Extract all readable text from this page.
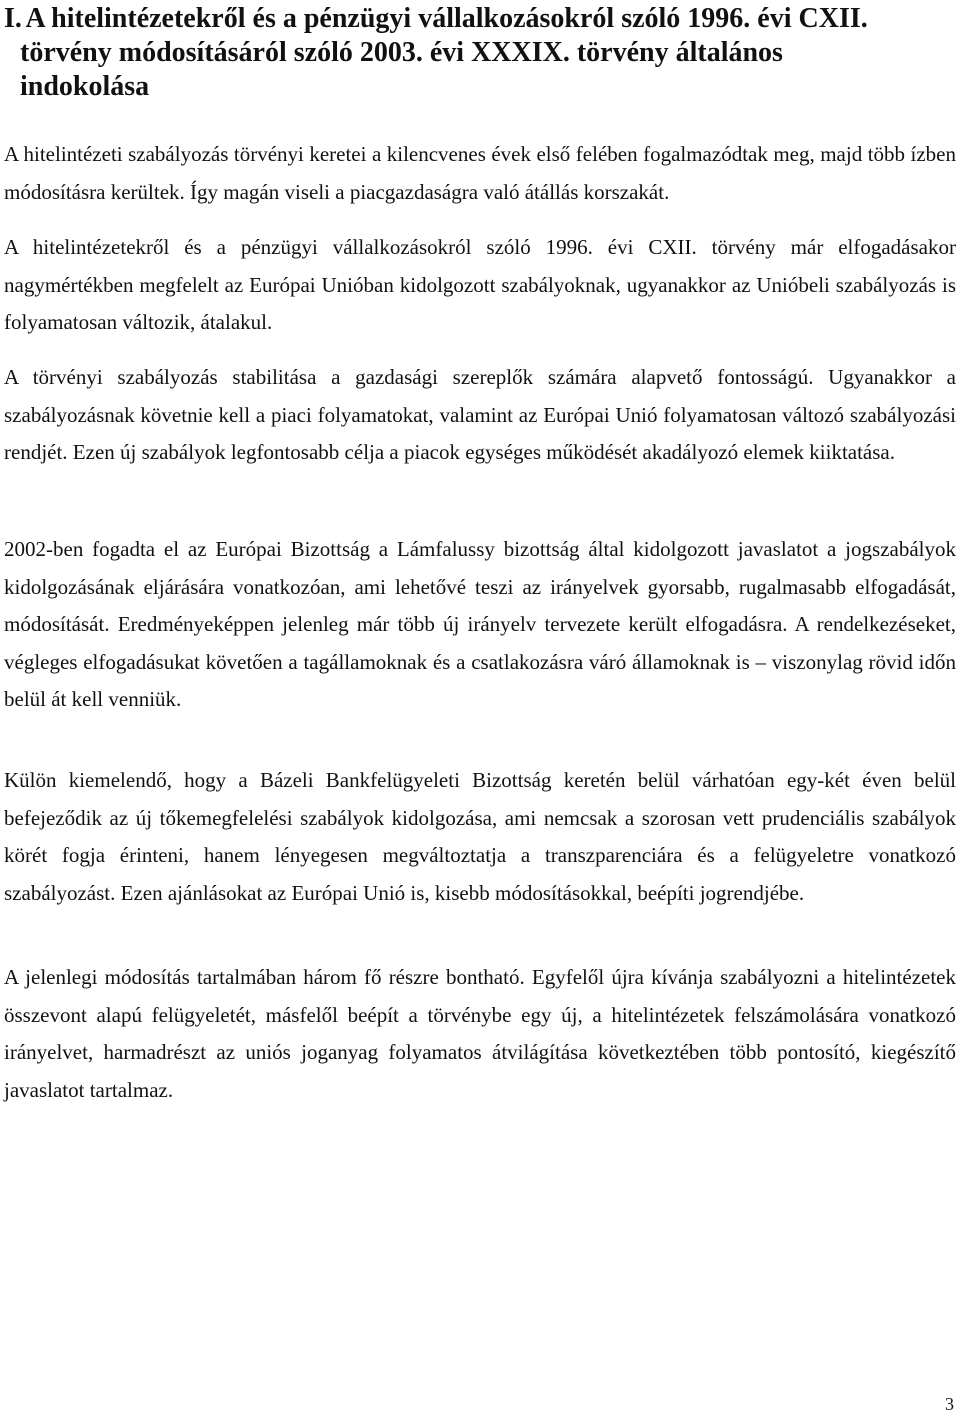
I. A hitelintézetekről és a pénzügyi vállalkozásokról szóló 1996. évi CXII.
törvény módosításáról szóló 2003. évi XXXIX. törvény általános
indokolása

A hitelintézeti szabályozás törvényi keretei a kilencvenes évek első felében fogalmazódtak meg, majd több ízben módosításra kerültek. Így magán viseli a piacgazdaságra való átállás korszakát.

A hitelintézetekről és a pénzügyi vállalkozásokról szóló 1996. évi CXII. törvény már elfogadásakor nagymértékben megfelelt az Európai Unióban kidolgozott szabályoknak, ugyanakkor az Unióbeli szabályozás is folyamatosan változik, átalakul.

A törvényi szabályozás stabilitása a gazdasági szereplők számára alapvető fontosságú. Ugyanakkor a szabályozásnak követnie kell a piaci folyamatokat, valamint az Európai Unió folyamatosan változó szabályozási rendjét. Ezen új szabályok legfontosabb célja a piacok egységes működését akadályozó elemek kiiktatása.

2002-ben fogadta el az Európai Bizottság a Lámfalussy bizottság által kidolgozott javaslatot a jogszabályok kidolgozásának eljárására vonatkozóan, ami lehetővé teszi az irányelvek gyorsabb, rugalmasabb elfogadását, módosítását. Eredményeképpen jelenleg már több új irányelv tervezete került elfogadásra. A rendelkezéseket, végleges elfogadásukat követően a tagállamoknak és a csatlakozásra váró államoknak is – viszonylag rövid időn belül át kell venniük.

Külön kiemelendő, hogy a Bázeli Bankfelügyeleti Bizottság keretén belül várhatóan egy-két éven belül befejeződik az új tőkemegfelelési szabályok kidolgozása, ami nemcsak a szorosan vett prudenciális szabályok körét fogja érinteni, hanem lényegesen megváltoztatja a transzparenciára és a felügyeletre vonatkozó szabályozást. Ezen ajánlásokat az Európai Unió is, kisebb módosításokkal, beépíti jogrendjébe.

A jelenlegi módosítás tartalmában három fő részre bontható. Egyfelől újra kívánja szabályozni a hitelintézetek összevont alapú felügyeletét, másfelől beépít a törvénybe egy új, a hitelintézetek felszámolására vonatkozó irányelvet, harmadrészt az uniós joganyag folyamatos átvilágítása következtében több pontosító, kiegészítő javaslatot tartalmaz.

3
